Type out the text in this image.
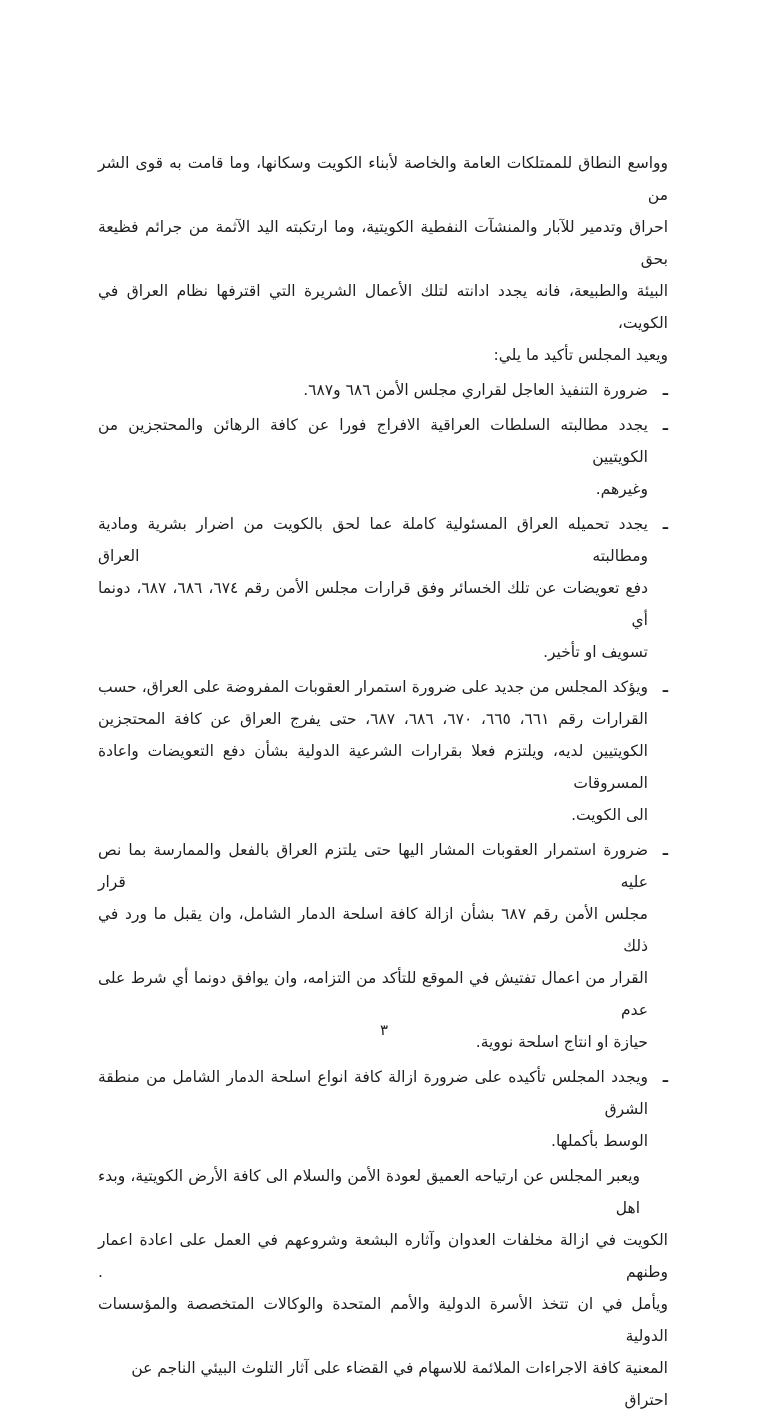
وواسع النطاق للممتلكات العامة والخاصة لأبناء الكويت وسكانها، وما قامت به قوى الشر من
احراق وتدمير للآبار والمنشآت النفطية الكويتية، وما ارتكبته اليد الآثمة من جرائم فظيعة بحق
البيئة والطبيعة، فانه يجدد ادانته لتلك الأعمال الشريرة التي اقترفها نظام العراق في الكويت،
ويعيد المجلس تأكيد ما يلي:
ـ
ضرورة التنفيذ العاجل لقراري مجلس الأمن ٦٨٦ و٦٨٧.
ـ
يجدد مطالبته السلطات العراقية الافراج فورا عن كافة الرهائن والمحتجزين من الكويتيين
وغيرهم.
ـ
يجدد تحميله العراق المسئولية كاملة عما لحق بالكويت من اضرار بشرية ومادية ومطالبته العراق
دفع تعويضات عن تلك الخسائر وفق قرارات مجلس الأمن رقم ٦٧٤، ٦٨٦، ٦٨٧، دونما أي
تسويف او تأخير.
ـ
ويؤكد المجلس من جديد على ضرورة استمرار العقوبات المفروضة على العراق، حسب
القرارات رقم ٦٦١، ٦٦٥، ٦٧٠، ٦٨٦، ٦٨٧، حتى يفرج العراق عن كافة المحتجزين
الكويتيين لديه، ويلتزم فعلا بقرارات الشرعية الدولية بشأن دفع التعويضات واعادة المسروقات
الى الكويت.
ـ
ضرورة استمرار العقوبات المشار اليها حتى يلتزم العراق بالفعل والممارسة بما نص عليه قرار
مجلس الأمن رقم ٦٨٧ بشأن ازالة كافة اسلحة الدمار الشامل، وان يقبل ما ورد في ذلك
القرار من اعمال تفتيش في الموقع للتأكد من التزامه، وان يوافق دونما أي شرط على عدم
حيازة او انتاج اسلحة نووية.
ـ
ويجدد المجلس تأكيده على ضرورة ازالة كافة انواع اسلحة الدمار الشامل من منطقة الشرق
الوسط بأكملها.
ويعبر المجلس عن ارتياحه العميق لعودة الأمن والسلام الى كافة الأرض الكويتية، وبدء اهل
الكويت في ازالة مخلفات العدوان وآثاره البشعة وشروعهم في العمل على اعادة اعمار وطنهم .
ويأمل في ان تتخذ الأسرة الدولية والأمم المتحدة والوكالات المتخصصة والمؤسسات الدولية
المعنية كافة الاجراءات الملائمة للاسهام في القضاء على آثار التلوث البيئي الناجم عن احتراق
٣
